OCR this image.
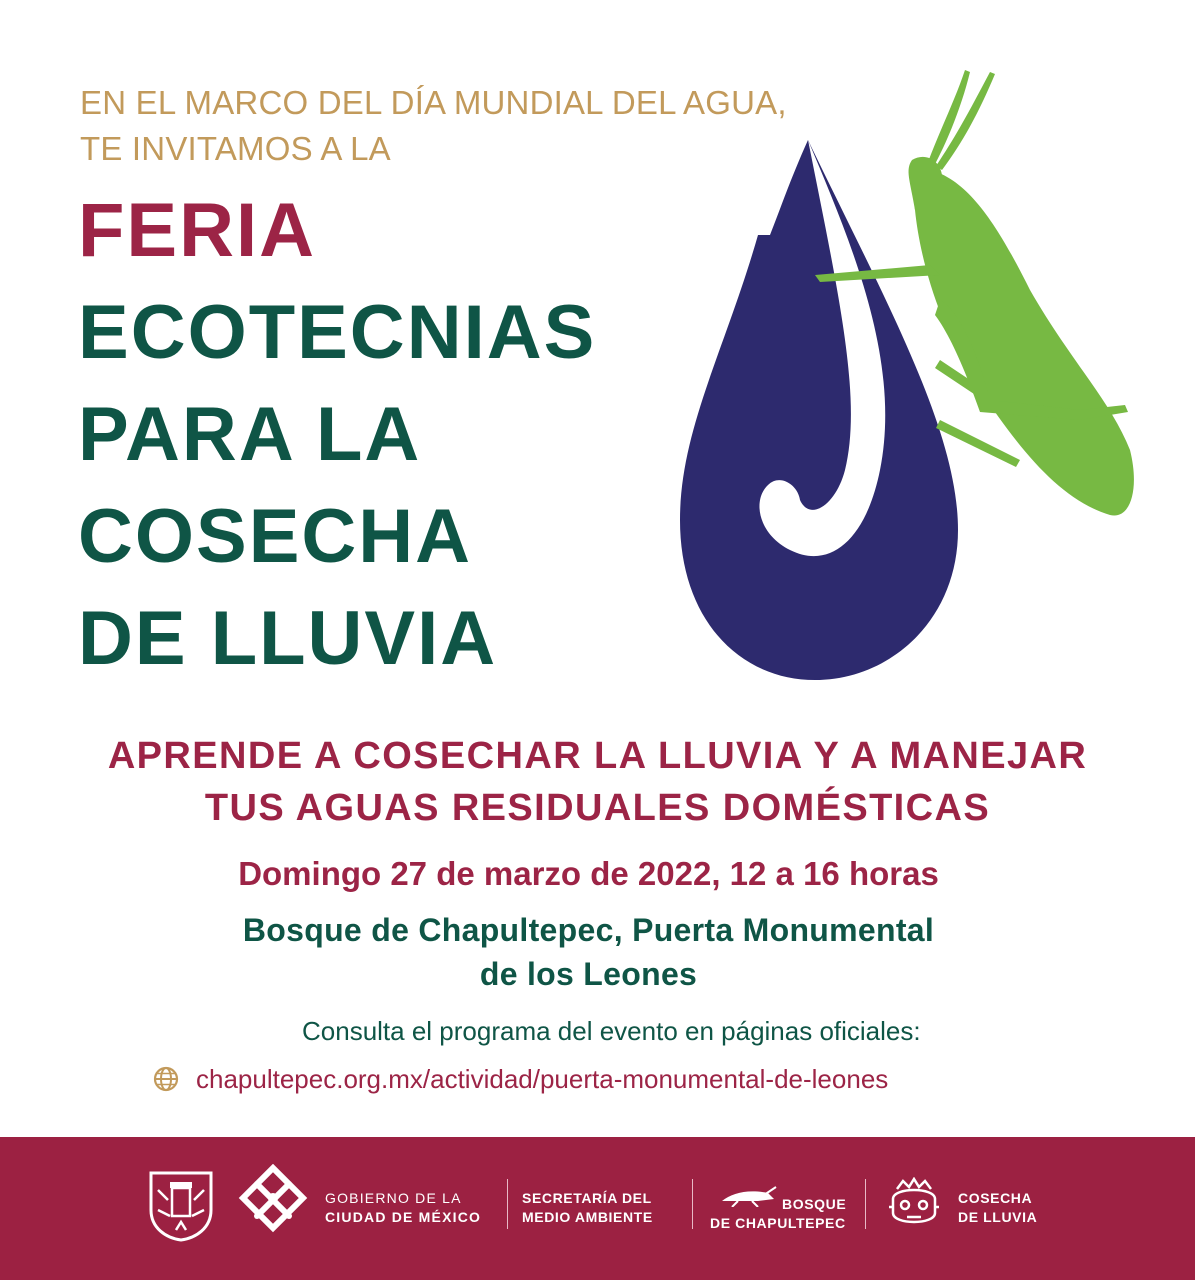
EN EL MARCO DEL DÍA MUNDIAL DEL AGUA,
TE INVITAMOS A LA
FERIA
ECOTECNIAS
PARA LA
COSECHA
DE LLUVIA
APRENDE A COSECHAR LA LLUVIA Y A MANEJAR
TUS AGUAS RESIDUALES DOMÉSTICAS
Domingo 27 de marzo de 2022, 12 a 16 horas
Bosque de Chapultepec, Puerta Monumental
de los Leones
Consulta el programa del evento en páginas oficiales:
chapultepec.org.mx/actividad/puerta-monumental-de-leones
GOBIERNO DE LA
CIUDAD DE MÉXICO
SECRETARÍA DEL
MEDIO AMBIENTE
BOSQUE
DE CHAPULTEPEC
COSECHA
DE LLUVIA
